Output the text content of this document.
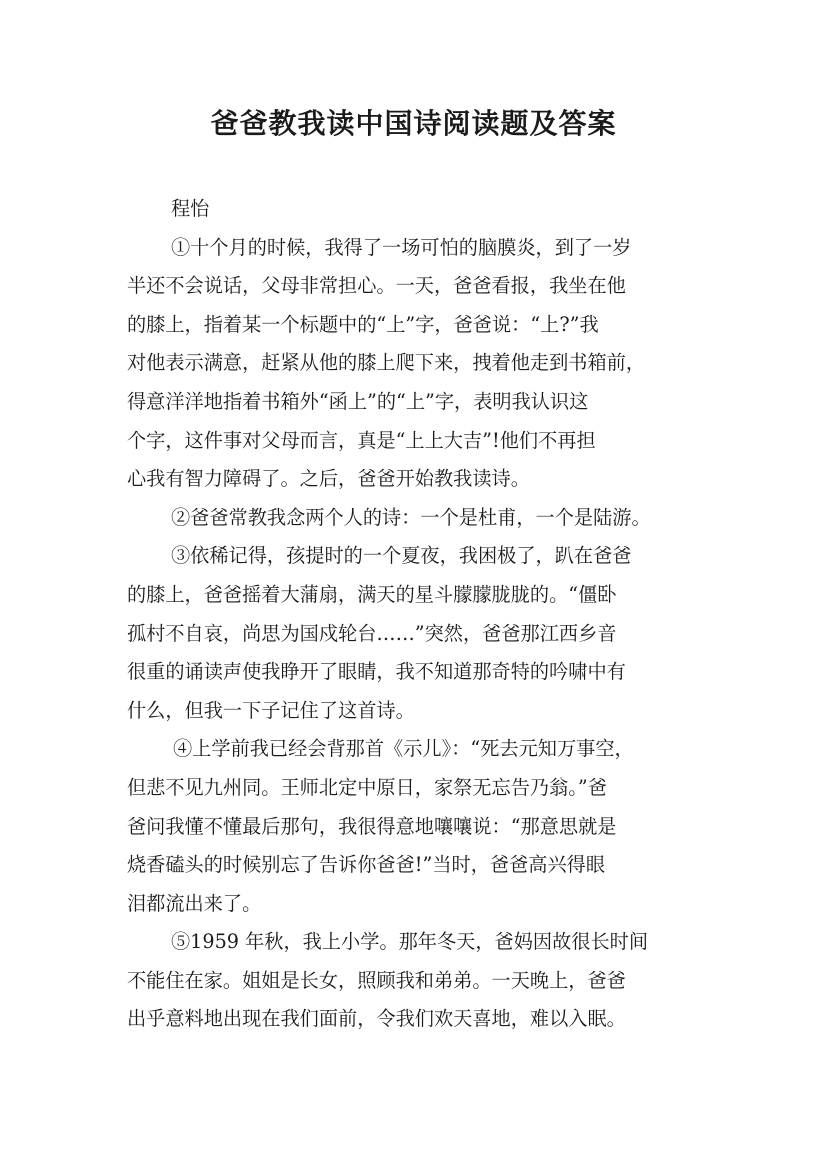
爸爸教我读中国诗阅读题及答案
程怡
①十个月的时候，我得了一场可怕的脑膜炎，到了一岁
半还不会说话，父母非常担心。一天，爸爸看报，我坐在他
的膝上，指着某一个标题中的“上”字，爸爸说：“上?”我
对他表示满意，赶紧从他的膝上爬下来，拽着他走到书箱前，
得意洋洋地指着书箱外“函上”的“上”字，表明我认识这
个字，这件事对父母而言，真是“上上大吉”!他们不再担
心我有智力障碍了。之后，爸爸开始教我读诗。
②爸爸常教我念两个人的诗：一个是杜甫，一个是陆游。
③依稀记得，孩提时的一个夏夜，我困极了，趴在爸爸
的膝上，爸爸摇着大蒲扇，满天的星斗朦朦胧胧的。“僵卧
孤村不自哀，尚思为国戍轮台……”突然，爸爸那江西乡音
很重的诵读声使我睁开了眼睛，我不知道那奇特的吟啸中有
什么，但我一下子记住了这首诗。
④上学前我已经会背那首《示儿》：“死去元知万事空，
但悲不见九州同。王师北定中原日，家祭无忘告乃翁。”爸
爸问我懂不懂最后那句，我很得意地嚷嚷说：“那意思就是
烧香磕头的时候别忘了告诉你爸爸!”当时，爸爸高兴得眼
泪都流出来了。
⑤1959 年秋，我上小学。那年冬天，爸妈因故很长时间
不能住在家。姐姐是长女，照顾我和弟弟。一天晚上，爸爸
出乎意料地出现在我们面前，令我们欢天喜地，难以入眠。
